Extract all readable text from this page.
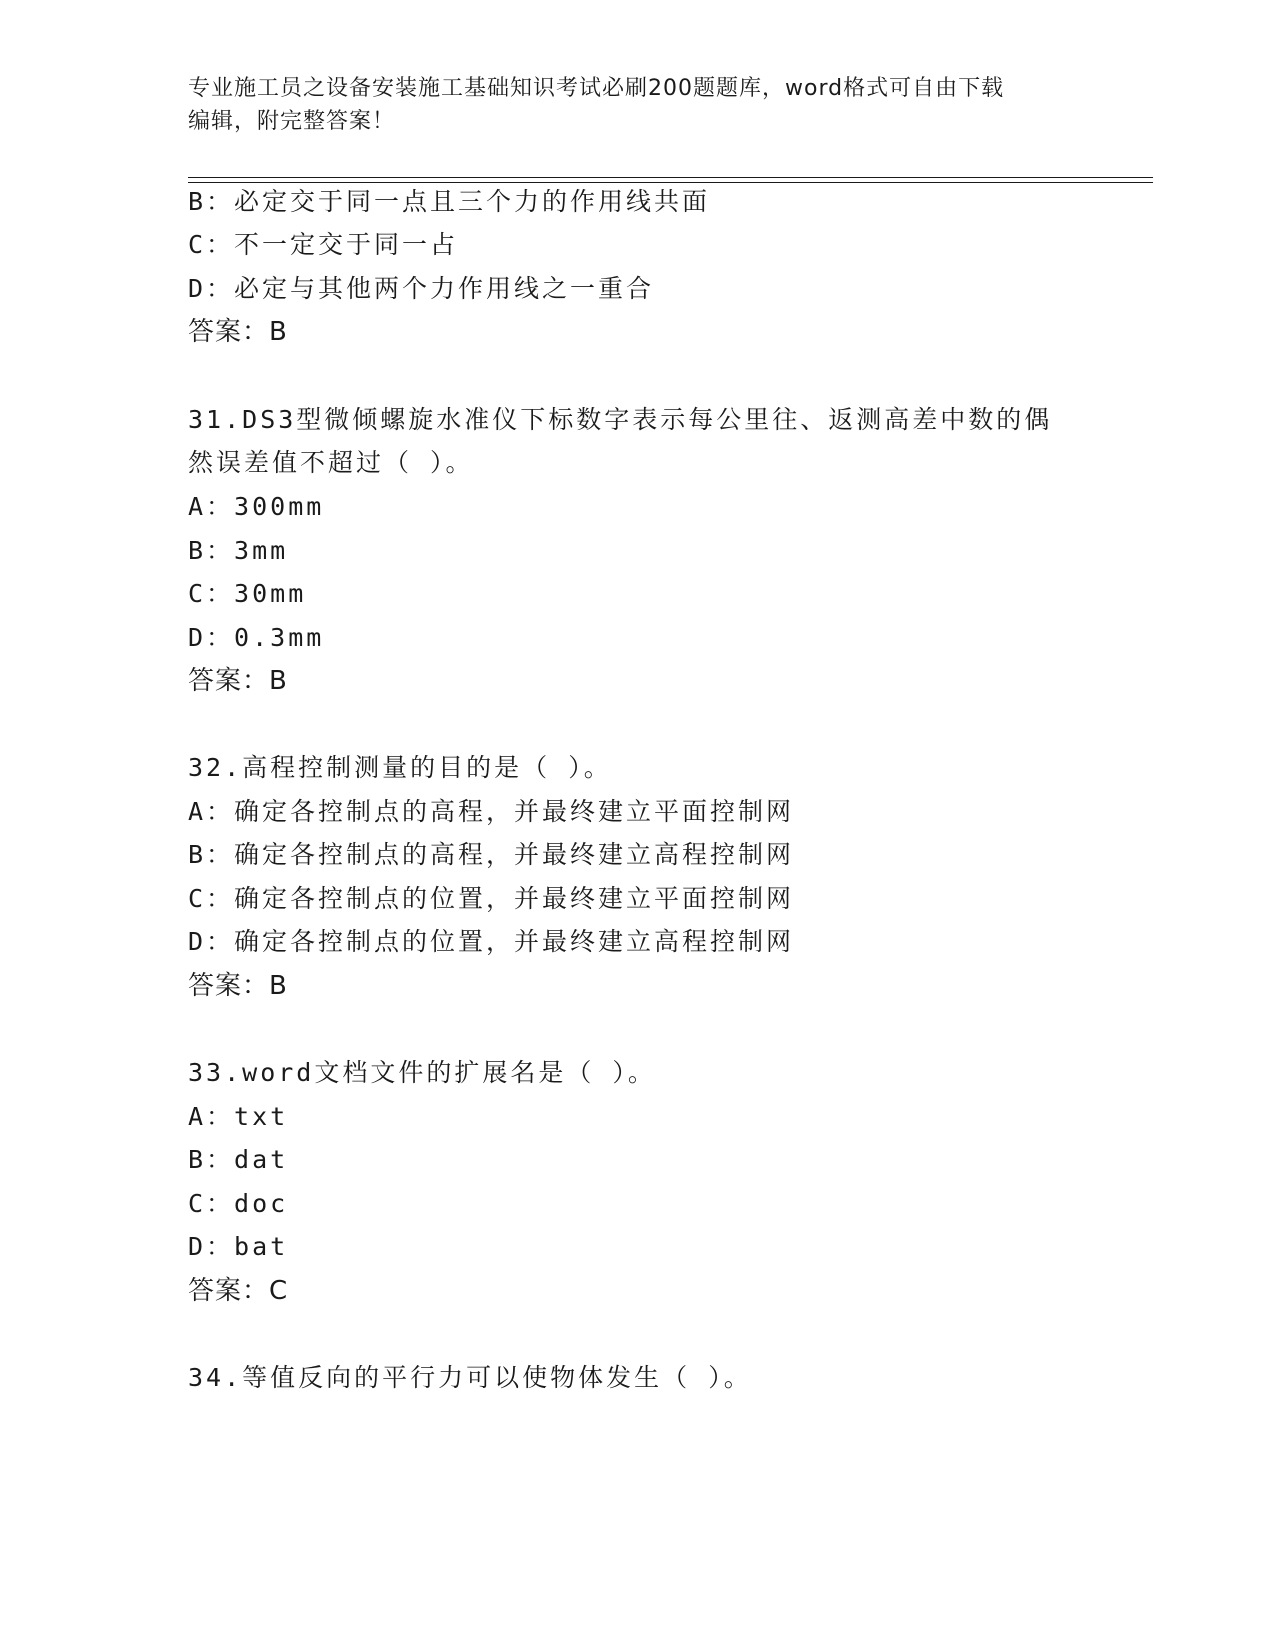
专业施工员之设备安装施工基础知识考试必刷200题题库，word格式可自由下载
编辑，附完整答案！
B：必定交于同一点且三个力的作用线共面
C：不一定交于同一占
D：必定与其他两个力作用线之一重合
答案：B
31.DS3型微倾螺旋水准仪下标数字表示每公里往、返测高差中数的偶
然误差值不超过（ ）。
A：300mm
B：3mm
C：30mm
D：0.3mm
答案：B
32.高程控制测量的目的是（ ）。
A：确定各控制点的高程，并最终建立平面控制网
B：确定各控制点的高程，并最终建立高程控制网
C：确定各控制点的位置，并最终建立平面控制网
D：确定各控制点的位置，并最终建立高程控制网
答案：B
33.word文档文件的扩展名是（ ）。
A：txt
B：dat
C：doc
D：bat
答案：C
34.等值反向的平行力可以使物体发生（ ）。
